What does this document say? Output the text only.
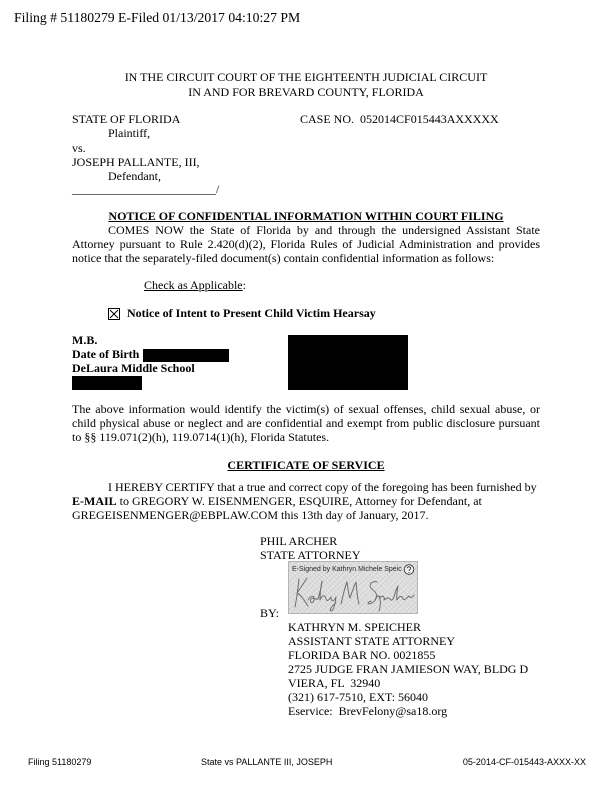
Filing # 51180279 E-Filed 01/13/2017 04:10:27 PM
IN THE CIRCUIT COURT OF THE EIGHTEENTH JUDICIAL CIRCUIT
IN AND FOR BREVARD COUNTY, FLORIDA
STATE OF FLORIDA	CASE NO. 052014CF015443AXXXXX
Plaintiff,
vs.
JOSEPH PALLANTE, III,
Defendant,
________________________/
NOTICE OF CONFIDENTIAL INFORMATION WITHIN COURT FILING
COMES NOW the State of Florida by and through the undersigned Assistant State
Attorney pursuant to Rule 2.420(d)(2), Florida Rules of Judicial Administration and provides
notice that the separately-filed document(s) contain confidential information as follows:
Check as Applicable:
Notice of Intent to Present Child Victim Hearsay
M.B.
Date of Birth
DeLaura Middle School
The above information would identify the victim(s) of sexual offenses, child sexual abuse, or
child physical abuse or neglect and are confidential and exempt from public disclosure pursuant
to §§ 119.071(2)(h), 119.0714(1)(h), Florida Statutes.
CERTIFICATE OF SERVICE
I HEREBY CERTIFY that a true and correct copy of the foregoing has been furnished by
E-MAIL to GREGORY W. EISENMENGER, ESQUIRE, Attorney for Defendant, at
GREGEISENMENGER@EBPLAW.COM this 13th day of January, 2017.
PHIL ARCHER
STATE ATTORNEY
E-Signed by Kathryn Michele Speic
BY:
KATHRYN M. SPEICHER
ASSISTANT STATE ATTORNEY
FLORIDA BAR NO. 0021855
2725 JUDGE FRAN JAMIESON WAY, BLDG D
VIERA, FL  32940
(321) 617-7510, EXT: 56040
Eservice:  BrevFelony@sa18.org
Filing 51180279	State vs PALLANTE III, JOSEPH	05-2014-CF-015443-AXXX-XX
